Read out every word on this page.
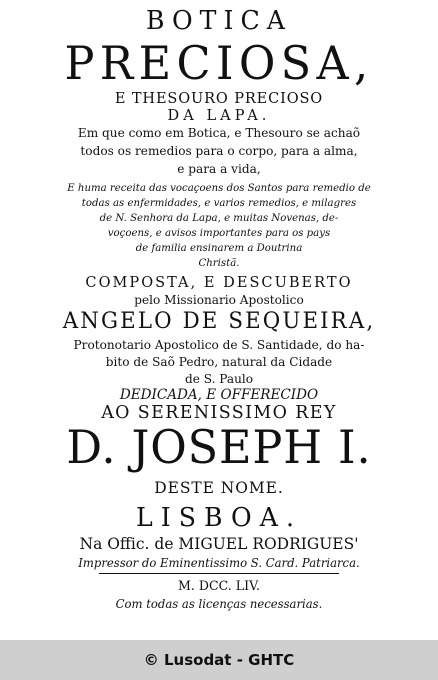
BOTICA
PRECIOSA,
E THESOURO PRECIOSO
DA LAPA.
Em que como em Botica, e Thesouro se achaõ
todos os remedios para o corpo, para a alma,
e para a vida,
E huma receita das vocaçoens dos Santos para remedio de
todas as enfermidades, e varios remedios, e milagres
de N. Senhora da Lapa, e muitas Novenas, de-
voçoens, e avisos importantes para os pays
de familia ensinarem a Doutrina
Christã.
COMPOSTA, E DESCUBERTO
pelo Missionario Apostolico
ANGELO DE SEQUEIRA,
Protonotario Apostolico de S. Santidade, do ha-
bito de Saõ Pedro, natural da Cidade
de S. Paulo
DEDICADA, E OFFERECIDO
AO SERENISSIMO REY
D. JOSEPH I.
DESTE NOME.
LISBOA.
Na Offic. de MIGUEL RODRIGUES'
Impressor do Eminentissimo S. Card. Patriarca.
M. DCC. LIV.
Com todas as licenças necessarias.
© Lusodat - GHTC
